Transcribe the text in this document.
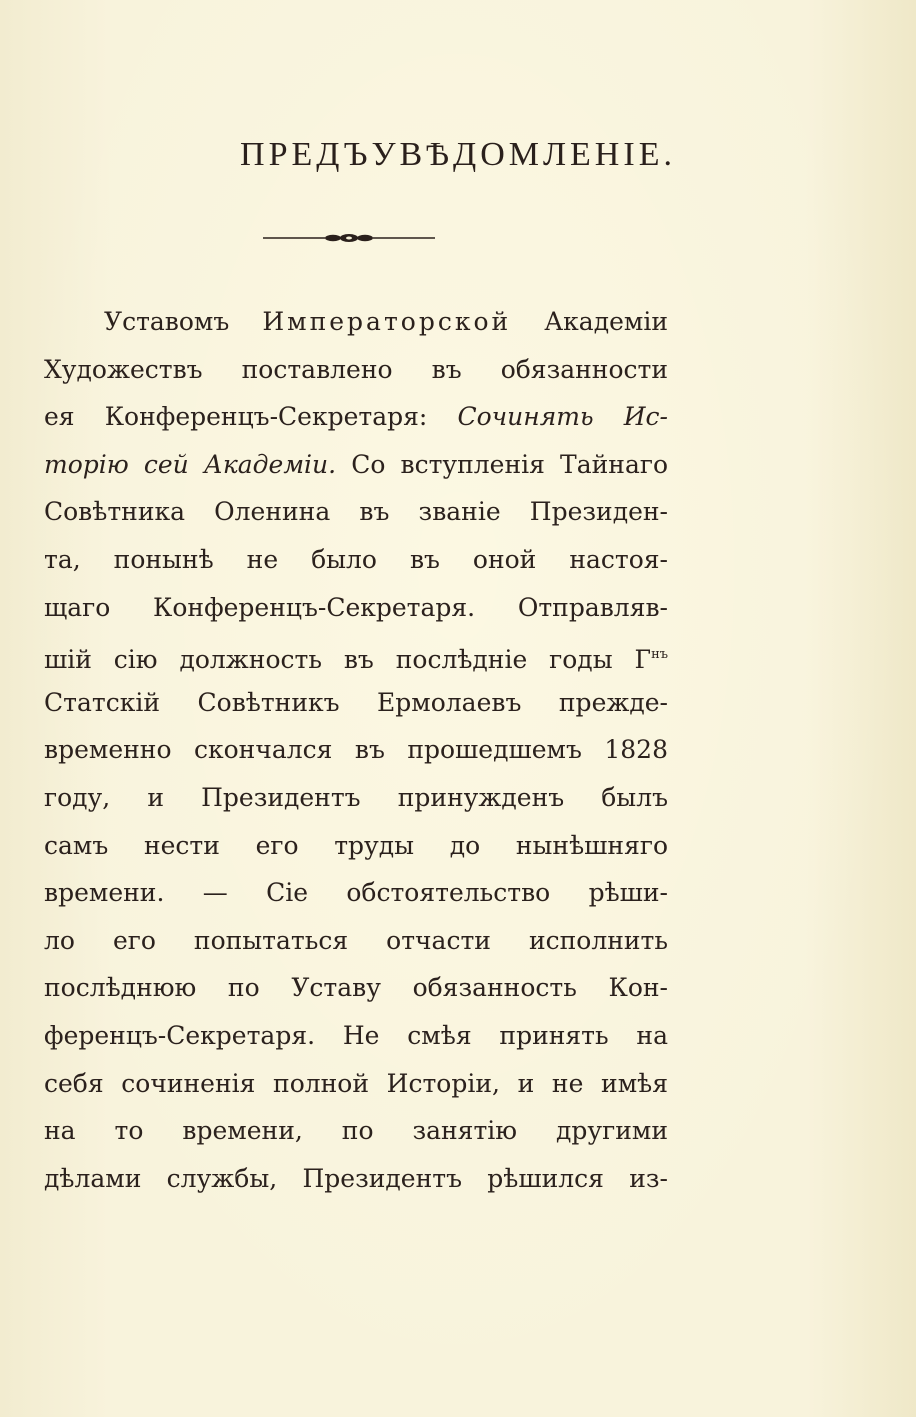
ПРЕДЪУВѢДОМЛЕНІЕ.
Уставомъ Императорской Академіи
Художествъ поставлено въ обязанности
ея Конференцъ-Секретаря: Сочинять Ис-
торію сей Академіи. Со вступленія Тайнаго
Совѣтника Оленина въ званіе Президен-
та, понынѣ не было въ оной настоя-
щаго Конференцъ-Секретаря. Отправляв-
шій сію должность въ послѣдніе годы $Г^{нъ}$
Статскій Совѣтникъ Ермолаевъ прежде-
временно скончался въ прошедшемъ 1828
году, и Президентъ принужденъ былъ
самъ нести его труды до нынѣшняго
времени. — Сіе обстоятельство рѣши-
ло его попытаться отчасти исполнить
послѣднюю по Уставу обязанность Кон-
ференцъ-Секретаря. Не смѣя принять на
себя сочиненія полной Исторіи, и не имѣя
на то времени, по занятію другими
дѣлами службы, Президентъ рѣшился из-
